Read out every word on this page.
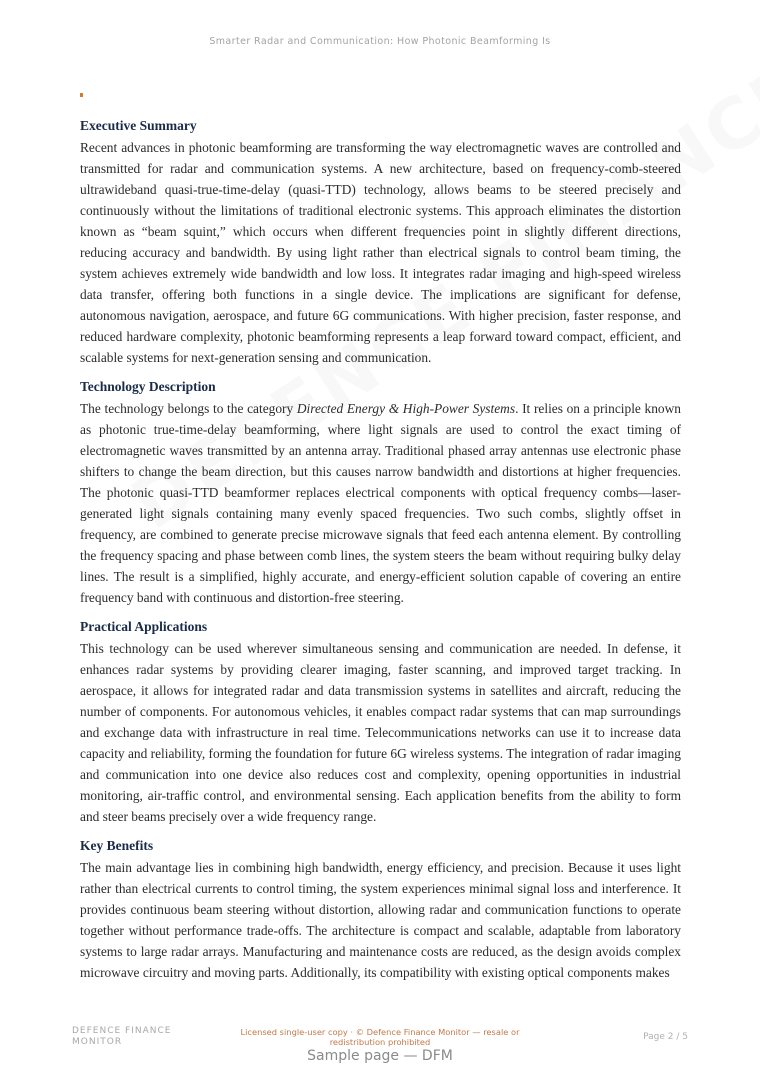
Smarter Radar and Communication: How Photonic Beamforming Is
Executive Summary

Recent advances in photonic beamforming are transforming the way electromagnetic waves are controlled and transmitted for radar and communication systems. A new architecture, based on frequency-comb-steered ultrawideband quasi-true-time-delay (quasi-TTD) technology, allows beams to be steered precisely and continuously without the limitations of traditional electronic systems. This approach eliminates the distortion known as “beam squint,” which occurs when different frequencies point in slightly different directions, reducing accuracy and bandwidth. By using light rather than electrical signals to control beam timing, the system achieves extremely wide bandwidth and low loss. It integrates radar imaging and high-speed wireless data transfer, offering both functions in a single device. The implications are significant for defense, autonomous navigation, aerospace, and future 6G communications. With higher precision, faster response, and reduced hardware complexity, photonic beamforming represents a leap forward toward compact, efficient, and scalable systems for next-generation sensing and communication.

Technology Description

The technology belongs to the category Directed Energy & High-Power Systems. It relies on a principle known as photonic true-time-delay beamforming, where light signals are used to control the exact timing of electromagnetic waves transmitted by an antenna array. Traditional phased array antennas use electronic phase shifters to change the beam direction, but this causes narrow bandwidth and distortions at higher frequencies. The photonic quasi-TTD beamformer replaces electrical components with optical frequency combs—laser-generated light signals containing many evenly spaced frequencies. Two such combs, slightly offset in frequency, are combined to generate precise microwave signals that feed each antenna element. By controlling the frequency spacing and phase between comb lines, the system steers the beam without requiring bulky delay lines. The result is a simplified, highly accurate, and energy-efficient solution capable of covering an entire frequency band with continuous and distortion-free steering.

Practical Applications

This technology can be used wherever simultaneous sensing and communication are needed. In defense, it enhances radar systems by providing clearer imaging, faster scanning, and improved target tracking. In aerospace, it allows for integrated radar and data transmission systems in satellites and aircraft, reducing the number of components. For autonomous vehicles, it enables compact radar systems that can map surroundings and exchange data with infrastructure in real time. Telecommunications networks can use it to increase data capacity and reliability, forming the foundation for future 6G wireless systems. The integration of radar imaging and communication into one device also reduces cost and complexity, opening opportunities in industrial monitoring, air-traffic control, and environmental sensing. Each application benefits from the ability to form and steer beams precisely over a wide frequency range.

Key Benefits

The main advantage lies in combining high bandwidth, energy efficiency, and precision. Because it uses light rather than electrical currents to control timing, the system experiences minimal signal loss and interference. It provides continuous beam steering without distortion, allowing radar and communication functions to operate together without performance trade-offs. The architecture is compact and scalable, adaptable from laboratory systems to large radar arrays. Manufacturing and maintenance costs are reduced, as the design avoids complex microwave circuitry and moving parts. Additionally, its compatibility with existing optical components makes

DEFENCE FINANCE MONITOR
Licensed single-user copy · © Defence Finance Monitor — resale or redistribution prohibited	Page 2 / 5
Sample page — DFM
